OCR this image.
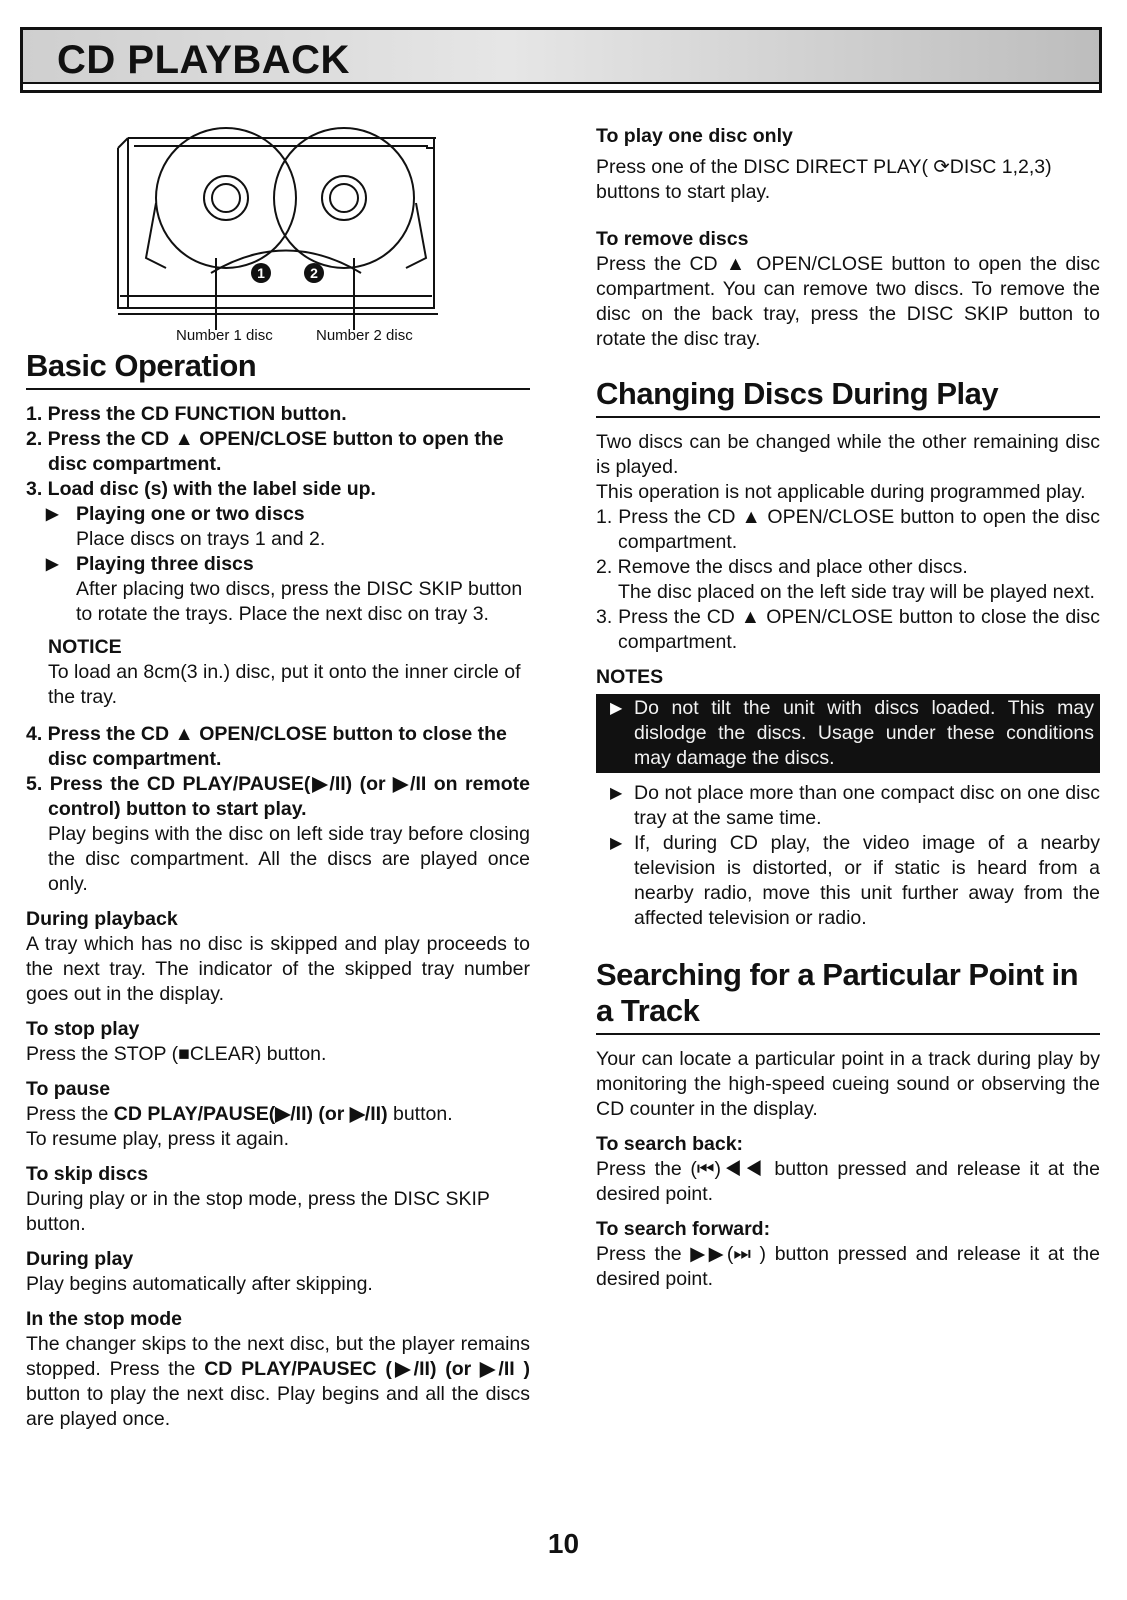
CD PLAYBACK
1	2
Number 1 disc	Number 2 disc
Basic Operation

1. Press the CD FUNCTION button.

2. Press the CD ▲ OPEN/CLOSE button to open the disc compartment.

3. Load disc (s) with the label side up.

▶ Playing one or two discs

Place discs on trays 1 and 2.

▶ Playing three discs

After placing two discs, press the DISC SKIP button to rotate the trays. Place the next disc on tray 3.

NOTICE

To load an 8cm(3 in.) disc, put it onto the inner circle of the tray.

4. Press the CD ▲ OPEN/CLOSE button to close the disc compartment.

5. Press the CD PLAY/PAUSE(▶/II) (or ▶/II on remote control) button to start play.

Play begins with the disc on left side tray before closing the disc compartment. All the discs are played once only.

During playback

A tray which has no disc is skipped and play proceeds to the next tray. The indicator of the skipped tray number goes out in the display.

To stop play

Press the STOP (■CLEAR) button.

To pause

Press the CD PLAY/PAUSE(▶/II) (or ▶/II) button.

To resume play, press it again.

To skip discs

During play or in the stop mode, press the DISC SKIP button.

During play

Play begins automatically after skipping.

In the stop mode

The changer skips to the next disc, but the player remains stopped. Press the CD PLAY/PAUSEC (▶/II) (or ▶/II ) button to play the next disc. Play begins and all the discs are played once.

To play one disc only

Press one of the DISC DIRECT PLAY( ⟳DISC 1,2,3) buttons to start play.

To remove discs

Press the CD ▲ OPEN/CLOSE button to open the disc compartment. You can remove two discs. To remove the disc on the back tray, press the DISC SKIP button to rotate the disc tray.

Changing Discs During Play

Two discs can be changed while the other remaining disc is played.

This operation is not applicable during programmed play.

1. Press the CD ▲ OPEN/CLOSE button to open the disc compartment.

2. Remove the discs and place other discs.

The disc placed on the left side tray will be played next.

3. Press the CD ▲ OPEN/CLOSE button to close the disc compartment.

NOTES

▶ Do not tilt the unit with discs loaded. This may dislodge the discs. Usage under these conditions may damage the discs.

▶ Do not place more than one compact disc on one disc tray at the same time.

▶ If, during CD play, the video image of a nearby television is distorted, or if static is heard from a nearby radio, move this unit further away from the affected television or radio.

Searching for a Particular Point in a Track

Your can locate a particular point in a track during play by monitoring the high-speed cueing sound or observing the CD counter in the display.

To search back:

Press the (⏮)◀◀ button pressed and release it at the desired point.

To search forward:

Press the ▶▶(⏭ ) button pressed and release it at the desired point.

10
